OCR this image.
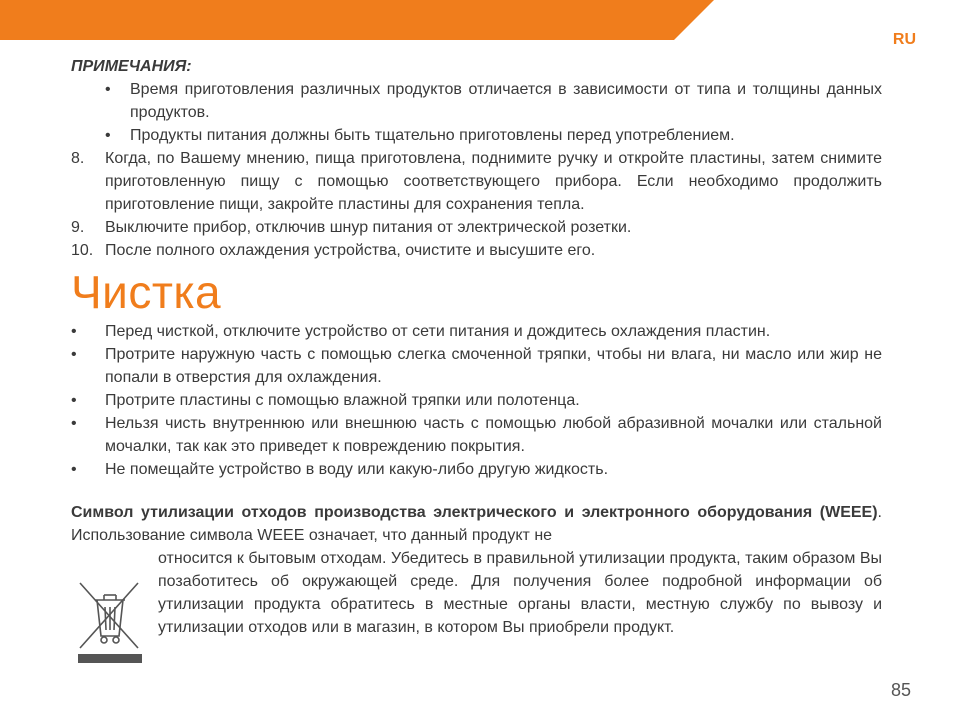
RU
ПРИМЕЧАНИЯ:
• Время приготовления различных продуктов отличается в зависимости от типа и толщины данных продуктов.
• Продукты питания должны быть тщательно приготовлены перед употреблением.
8. Когда, по Вашему мнению, пища приготовлена, поднимите ручку и откройте пластины, затем снимите приготовленную пищу с помощью соответствующего прибора. Если необходимо продолжить приготовление пищи, закройте пластины для сохранения тепла.
9. Выключите прибор, отключив шнур питания от электрической розетки.
10. После полного охлаждения устройства, очистите и высушите его.
Чистка
• Перед чисткой, отключите устройство от сети питания и дождитесь охлаждения пластин.
• Протрите наружную часть с помощью слегка смоченной тряпки, чтобы ни влага, ни масло или жир не попали в отверстия для охлаждения.
• Протрите пластины с помощью влажной тряпки или полотенца.
• Нельзя чисть внутреннюю или внешнюю часть с помощью любой абразивной мочалки или стальной мочалки, так как это приведет к повреждению покрытия.
• Не помещайте устройство в воду или какую-либо другую жидкость.
Символ утилизации отходов производства электрического и электронного оборудования (WEEE). Использование символа WEEE означает, что данный продукт не
относится к бытовым отходам. Убедитесь в правильной утилизации продукта, таким образом Вы позаботитесь об окружающей среде. Для получения более подробной информации об утилизации продукта обратитесь в местные органы власти, местную службу по вывозу и утилизации отходов или в магазин, в котором Вы приобрели продукт.
85
